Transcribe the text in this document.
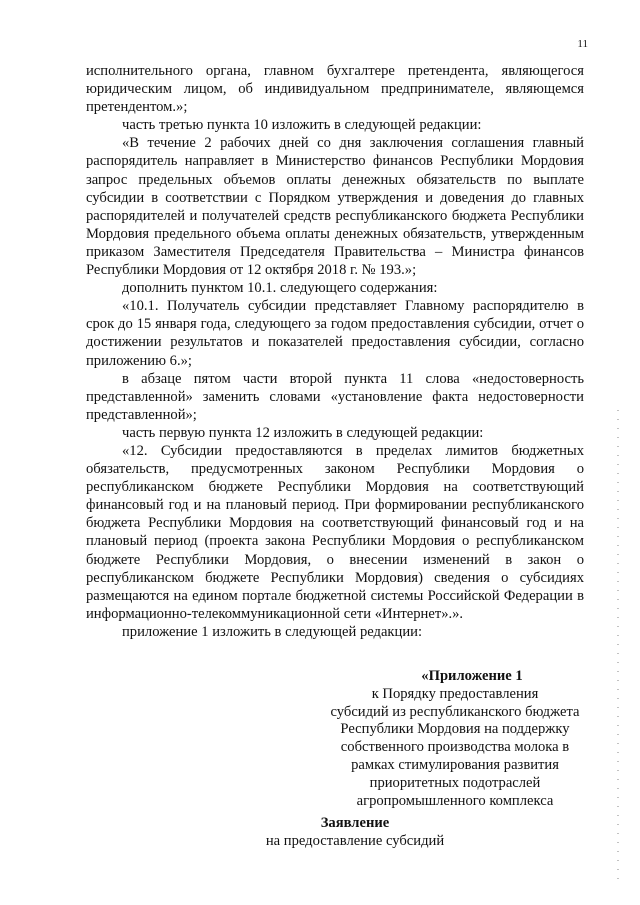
11

исполнительного органа, главном бухгалтере претендента, являющегося юридическим лицом, об индивидуальном предпринимателе, являющемся претендентом.»;

часть третью пункта 10 изложить в следующей редакции:

«В течение 2 рабочих дней со дня заключения соглашения главный распорядитель направляет в Министерство финансов Республики Мордовия запрос предельных объемов оплаты денежных обязательств по выплате субсидии в соответствии с Порядком утверждения и доведения до главных распорядителей и получателей средств республиканского бюджета Республики Мордовия предельного объема оплаты денежных обязательств, утвержденным приказом Заместителя Председателя Правительства – Министра финансов Республики Мордовия от 12 октября 2018 г. № 193.»;

дополнить пунктом 10.1. следующего содержания:

«10.1. Получатель субсидии представляет Главному распорядителю в срок до 15 января года, следующего за годом предоставления субсидии, отчет о достижении результатов и показателей предоставления субсидии, согласно приложению 6.»;

в абзаце пятом части второй пункта 11 слова «недостоверность представленной» заменить словами «установление факта недостоверности представленной»;

часть первую пункта 12 изложить в следующей редакции:

«12. Субсидии предоставляются в пределах лимитов бюджетных обязательств, предусмотренных законом Республики Мордовия о республиканском бюджете Республики Мордовия на соответствующий финансовый год и на плановый период. При формировании республиканского бюджета Республики Мордовия на соответствующий финансовый год и на плановый период (проекта закона Республики Мордовия о республиканском бюджете Республики Мордовия, о внесении изменений в закон о республиканском бюджете Республики Мордовия) сведения о субсидиях размещаются на едином портале бюджетной системы Российской Федерации в информационно-телекоммуникационной сети «Интернет».».

приложение 1 изложить в следующей редакции:

«Приложение 1
к Порядку предоставления
субсидий из республиканского бюджета
Республики Мордовия на поддержку
собственного производства молока в
рамках стимулирования развития
приоритетных подотраслей
агропромышленного комплекса
Заявление
на предоставление субсидий
